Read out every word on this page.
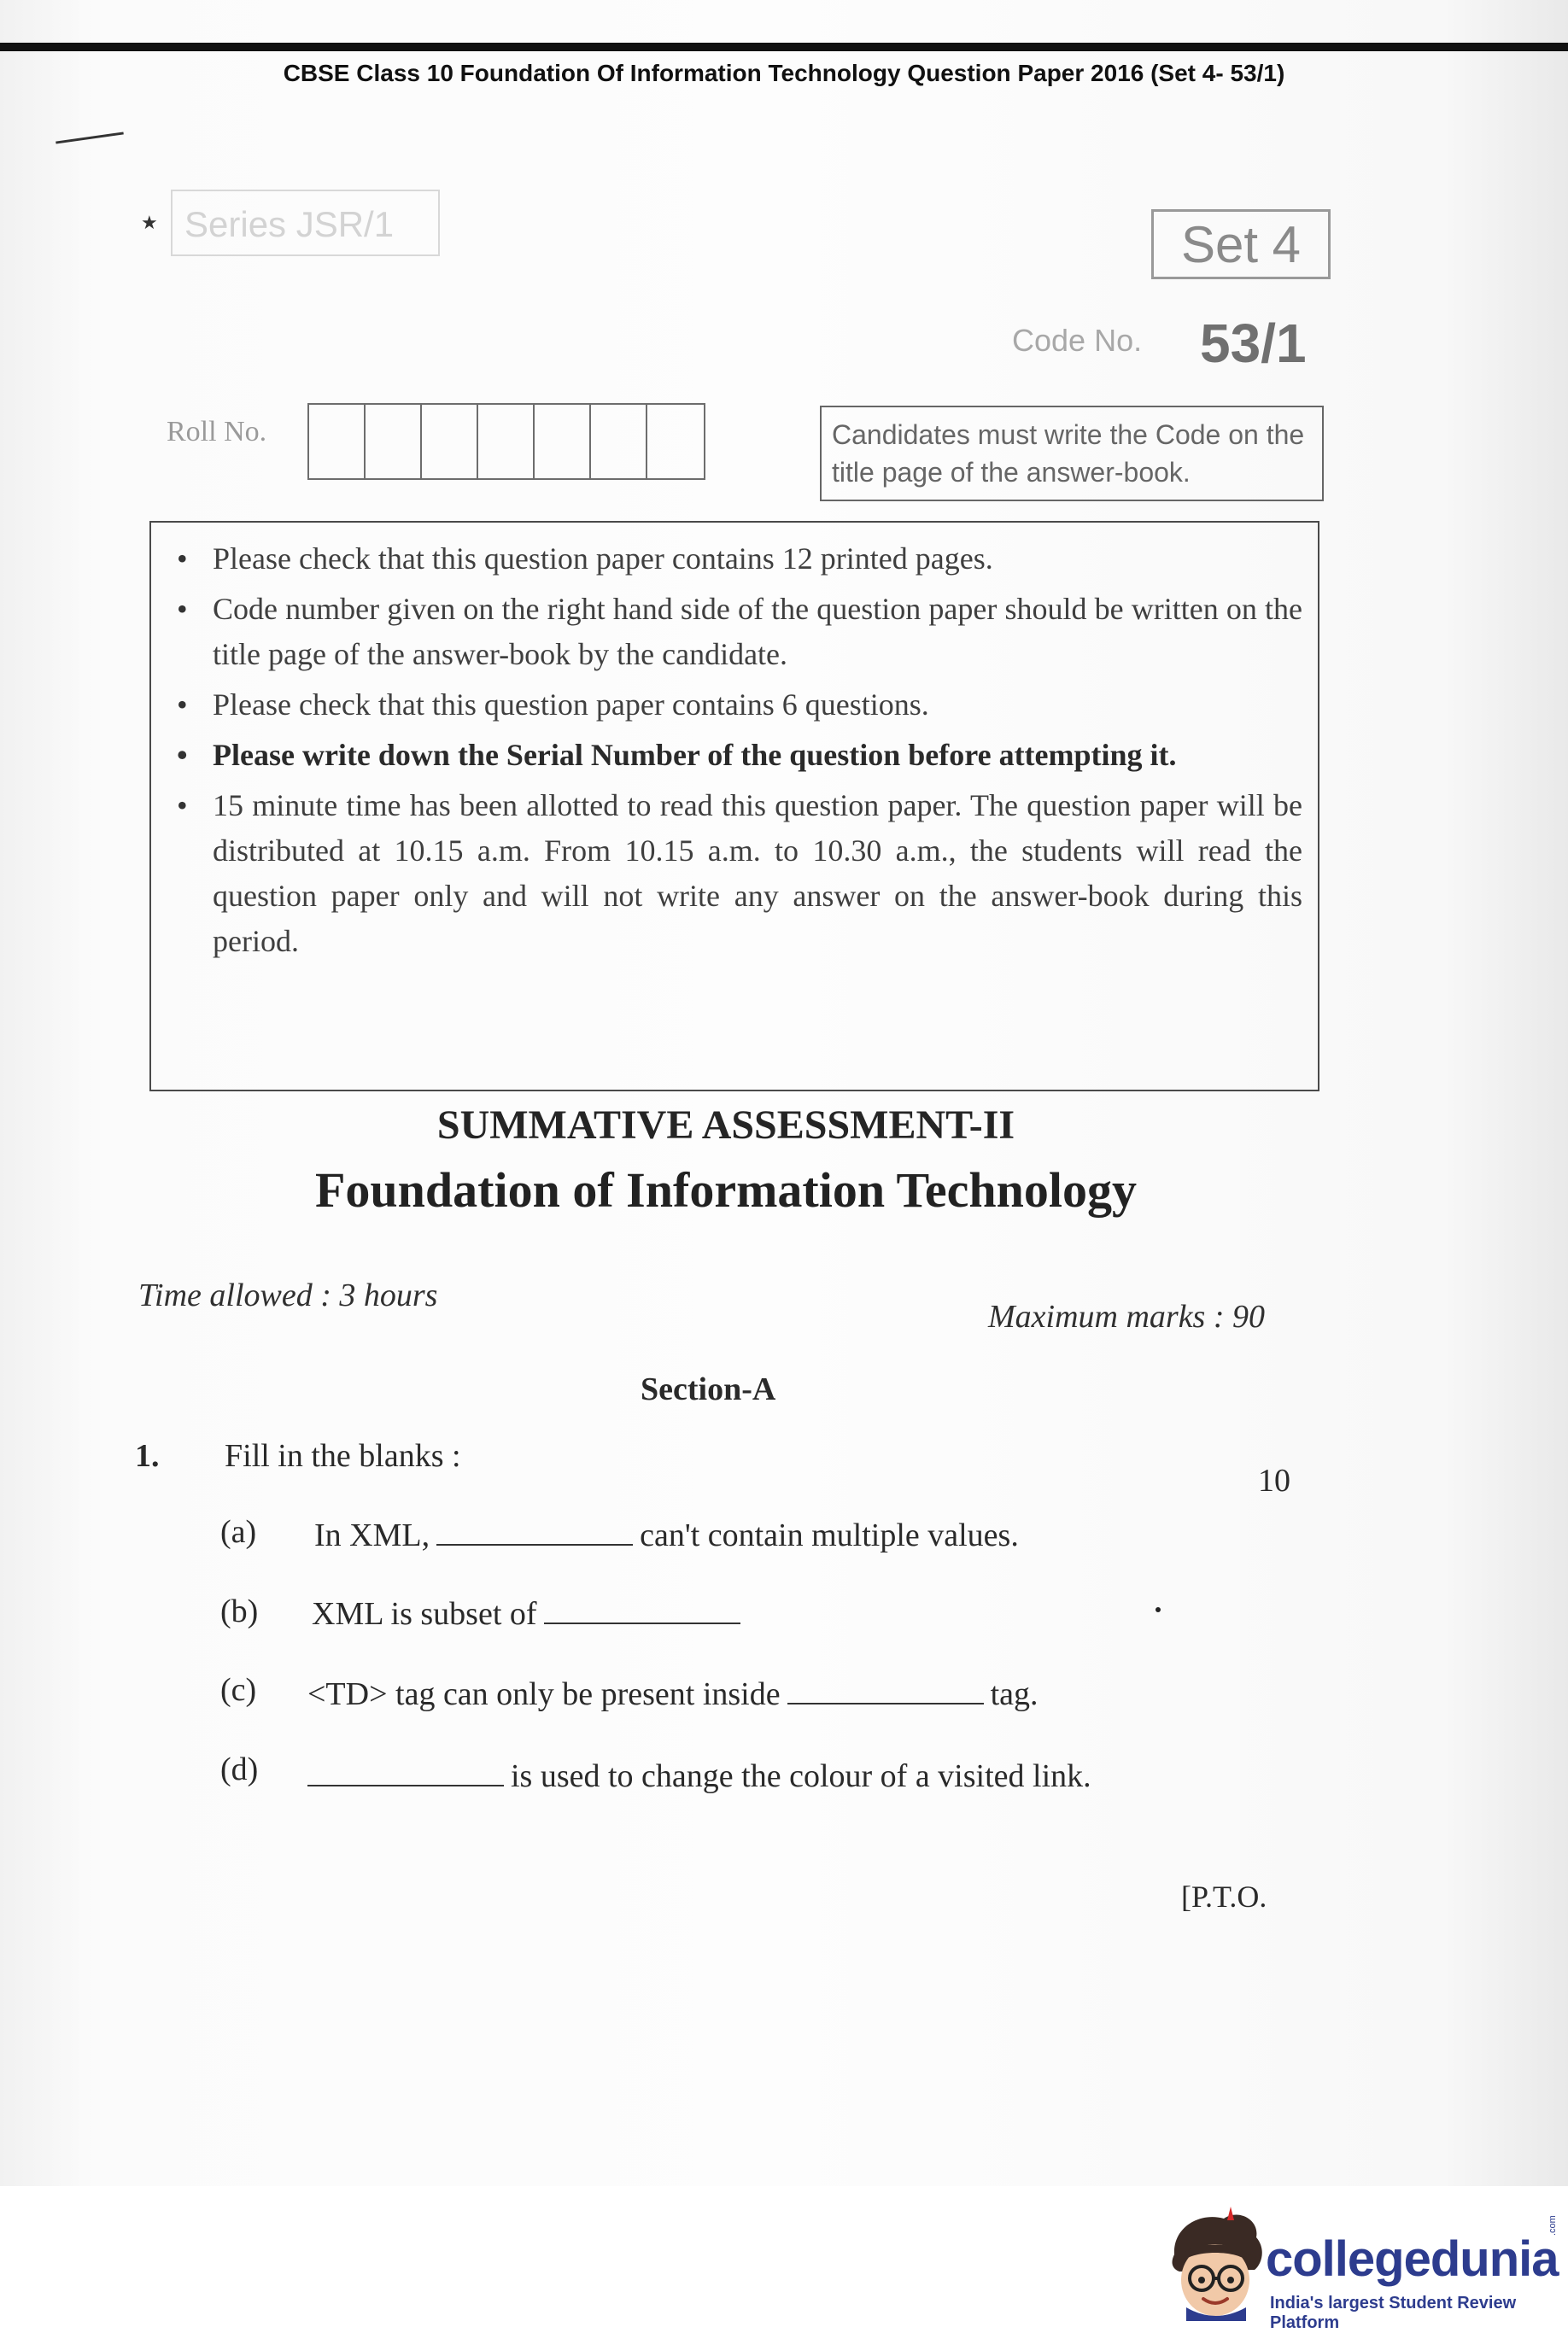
CBSE Class 10 Foundation Of Information Technology Question Paper 2016 (Set 4- 53/1)
★ Series JSR/1	Set 4
Code No. 53/1
Roll No.	Candidates must write the Code on the title page of the answer-book.
• Please check that this question paper contains 12 printed pages.
• Code number given on the right hand side of the question paper should be written on the title page of the answer-book by the candidate.
• Please check that this question paper contains 6 questions.
• Please write down the Serial Number of the question before attempting it.
• 15 minute time has been allotted to read this question paper. The question paper will be distributed at 10.15 a.m. From 10.15 a.m. to 10.30 a.m., the students will read the question paper only and will not write any answer on the answer-book during this period.
SUMMATIVE ASSESSMENT-II
Foundation of Information Technology
Time allowed : 3 hours
Maximum marks : 90
Section-A
1. Fill in the blanks :
10
(a) In XML,	can't contain multiple values.
(b) XML is subset of
(c) <TD> tag can only be present inside	tag.
(d)	is used to change the colour of a visited link.
[P.T.O.
collegedunia
.com
India's largest Student Review Platform
